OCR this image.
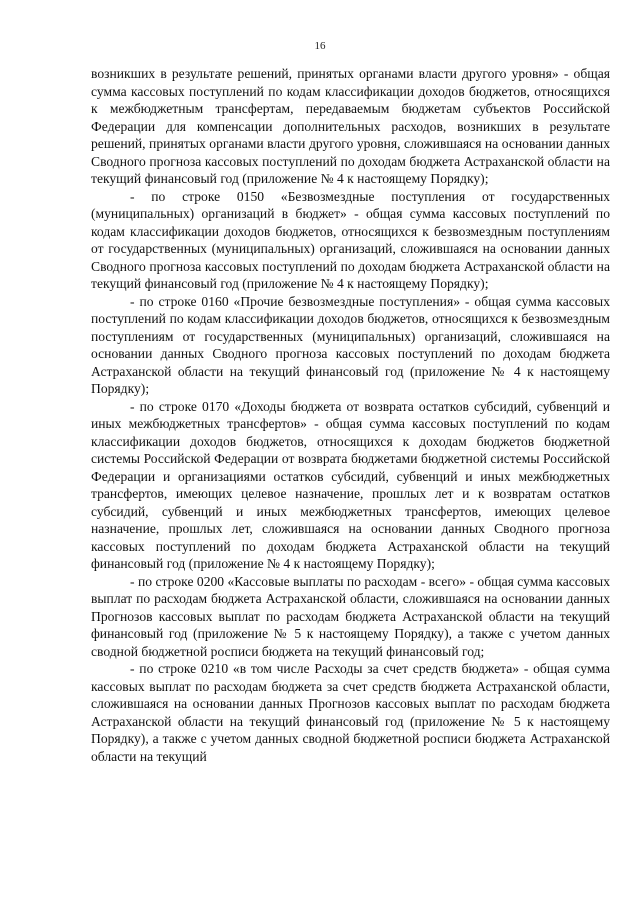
16

возникших в результате решений, принятых органами власти другого уровня» - общая сумма кассовых поступлений по кодам классификации доходов бюджетов, относящихся к межбюджетным трансфертам, передаваемым бюджетам субъектов Российской Федерации для компенсации дополнительных расходов, возникших в результате решений, принятых органами власти другого уровня, сложившаяся на основании данных Сводного прогноза кассовых поступлений по доходам бюджета Астраханской области на текущий финансовый год (приложение № 4 к настоящему Порядку);

- по строке 0150 «Безвозмездные поступления от государственных (муниципальных) организаций в бюджет» - общая сумма кассовых поступлений по кодам классификации доходов бюджетов, относящихся к безвозмездным поступлениям от государственных (муниципальных) организаций, сложившаяся на основании данных Сводного прогноза кассовых поступлений по доходам бюджета Астраханской области на текущий финансовый год (приложение № 4 к настоящему Порядку);

- по строке 0160 «Прочие безвозмездные поступления» - общая сумма кассовых поступлений по кодам классификации доходов бюджетов, относящихся к безвозмездным поступлениям от государственных (муниципальных) организаций, сложившаяся на основании данных Сводного прогноза кассовых поступлений по доходам бюджета Астраханской области на текущий финансовый год (приложение № 4 к настоящему Порядку);

- по строке 0170 «Доходы бюджета от возврата остатков субсидий, субвенций и иных межбюджетных трансфертов» - общая сумма кассовых поступлений по кодам классификации доходов бюджетов, относящихся к доходам бюджетов бюджетной системы Российской Федерации от возврата бюджетами бюджетной системы Российской Федерации и организациями остатков субсидий, субвенций и иных межбюджетных трансфертов, имеющих целевое назначение, прошлых лет и к возвратам остатков субсидий, субвенций и иных межбюджетных трансфертов, имеющих целевое назначение, прошлых лет, сложившаяся на основании данных Сводного прогноза кассовых поступлений по доходам бюджета Астраханской области на текущий финансовый год (приложение № 4 к настоящему Порядку);

- по строке 0200 «Кассовые выплаты по расходам - всего» - общая сумма кассовых выплат по расходам бюджета Астраханской области, сложившаяся на основании данных Прогнозов кассовых выплат по расходам бюджета Астраханской области на текущий финансовый год (приложение № 5 к настоящему Порядку), а также с учетом данных сводной бюджетной росписи бюджета на текущий финансовый год;

- по строке 0210 «в том числе Расходы за счет средств бюджета» - общая сумма кассовых выплат по расходам бюджета за счет средств бюджета Астраханской области, сложившаяся на основании данных Прогнозов кассовых выплат по расходам бюджета Астраханской области на текущий финансовый год (приложение № 5 к настоящему Порядку), а также с учетом данных сводной бюджетной росписи бюджета Астраханской области на текущий
